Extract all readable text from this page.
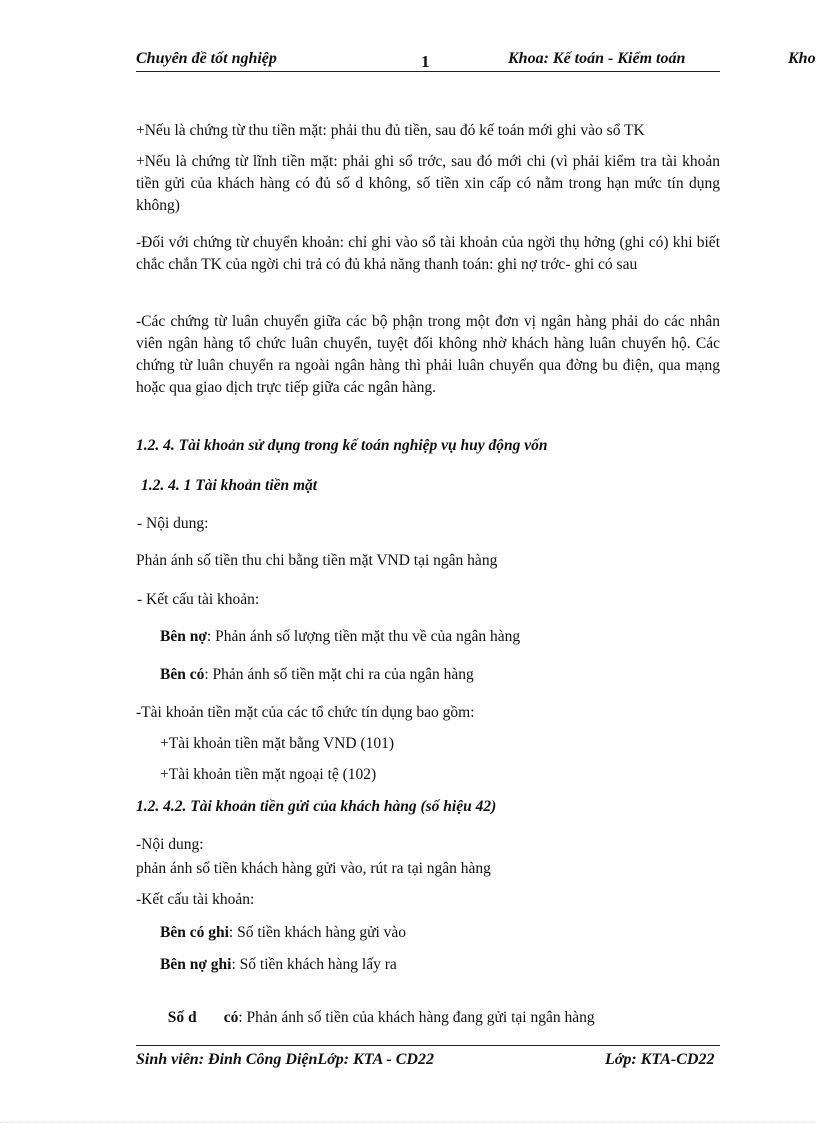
Chuyên đề tốt nghiệp	1	Khoa: Kế toán - Kiểm toán	Kho
+Nếu là chứng từ thu tiền mặt: phải thu đủ tiền, sau đó kế toán mới ghi vào sổ TK
+Nếu là chứng từ lĩnh tiền mặt: phải ghi sổ trớc, sau đó mới chi (vì phải kiểm tra tài khoản tiền gửi của khách hàng có đủ số d không, số tiền xin cấp có nằm trong hạn mức tín dụng không)
-Đối với chứng từ chuyển khoản: chỉ ghi vào sổ tài khoản của ngời thụ hởng (ghi có) khi biết chắc chắn TK của ngời chi trả có đủ khả năng thanh toán: ghi nợ trớc- ghi có sau
-Các chứng từ luân chuyển giữa các bộ phận trong một đơn vị ngân hàng phải do các nhân viên ngân hàng tổ chức luân chuyển, tuyệt đối không nhờ khách hàng luân chuyển hộ. Các chứng từ luân chuyển ra ngoài ngân hàng thì phải luân chuyển qua đờng bu điện, qua mạng hoặc qua giao dịch trực tiếp giữa các ngân hàng.
1.2. 4. Tài khoản sử dụng trong kế toán nghiệp vụ huy động vốn
1.2. 4. 1 Tài khoản tiền mặt
- Nội dung:
Phản ánh số tiền thu chi bằng tiền mặt VND tại ngân hàng
- Kết cấu tài khoản:
Bên nợ: Phản ánh số lượng tiền mặt thu về của ngân hàng
Bên có: Phản ánh số tiền mặt chi ra của ngân hàng
-Tài khoản tiền mặt của các tổ chức tín dụng bao gồm:
+Tài khoản tiền mặt bằng VND (101)
+Tài khoản tiền mặt ngoại tệ (102)
1.2. 4.2. Tài khoản tiền gửi của khách hàng (số hiệu 42)
-Nội dung:
phản ánh số tiền khách hàng gửi vào, rút ra tại ngân hàng
-Kết cấu tài khoản:
Bên có ghi: Số tiền khách hàng gửi vào
Bên nợ ghi: Số tiền khách hàng lấy ra

Số d       có: Phản ánh số tiền của khách hàng đang gửi tại ngân hàng

Sinh viên: Đinh Công DiệnLớp: KTA - CD22	Lớp: KTA-CD22
